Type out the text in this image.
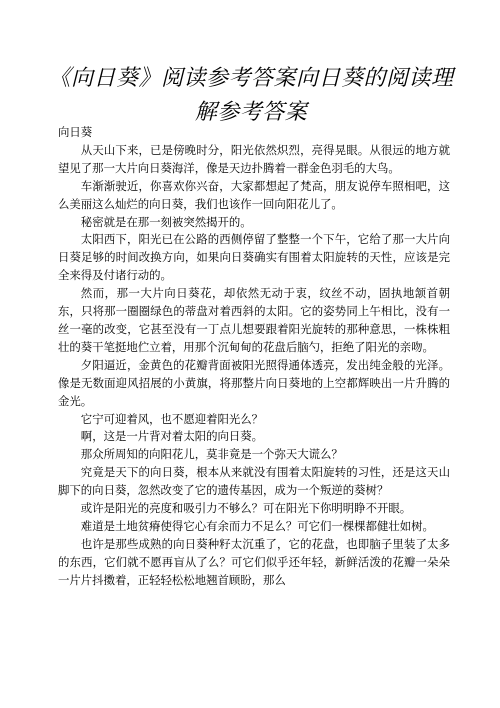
《向日葵》阅读参考答案向日葵的阅读理解参考答案

向日葵

从天山下来，已是傍晚时分，阳光依然炽烈，亮得晃眼。从很远的地方就望见了那一大片向日葵海洋，像是天边扑腾着一群金色羽毛的大鸟。

车渐渐驶近，你喜欢你兴奋，大家都想起了梵高，朋友说停车照相吧，这么美丽这么灿烂的向日葵，我们也该作一回向阳花儿了。

秘密就是在那一刻被突然揭开的。

太阳西下，阳光已在公路的西侧停留了整整一个下午，它给了那一大片向日葵足够的时间改换方向，如果向日葵确实有围着太阳旋转的天性，应该是完全来得及付诸行动的。

然而，那一大片向日葵花，却依然无动于衷，纹丝不动，固执地颔首朝东，只将那一圈圈绿色的蒂盘对着西斜的太阳。它的姿势同上午相比，没有一丝一毫的改变，它甚至没有一丁点儿想要跟着阳光旋转的那种意思，一株株粗壮的葵干笔挺地伫立着，用那个沉甸甸的花盘后脑勺，拒绝了阳光的亲吻。

夕阳逼近，金黄色的花瓣背面被阳光照得通体透亮，发出纯金般的光泽。像是无数面迎风招展的小黄旗，将那整片向日葵地的上空都辉映出一片升腾的金光。

它宁可迎着风，也不愿迎着阳光么？

啊，这是一片背对着太阳的向日葵。

那众所周知的向阳花儿，莫非竟是一个弥天大谎么？

究竟是天下的向日葵，根本从来就没有围着太阳旋转的习性，还是这天山脚下的向日葵，忽然改变了它的遗传基因，成为一个叛逆的葵树？

或许是阳光的亮度和吸引力不够么？可在阳光下你明明睁不开眼。

难道是土地贫瘠使得它心有余而力不足么？可它们一棵棵都健壮如树。

也许是那些成熟的向日葵种籽太沉重了，它的花盘，也即脑子里装了太多的东西，它们就不愿再盲从了么？可它们似乎还年轻，新鲜活泼的花瓣一朵朵一片片抖擞着，正轻轻松松地翘首顾盼，那么
